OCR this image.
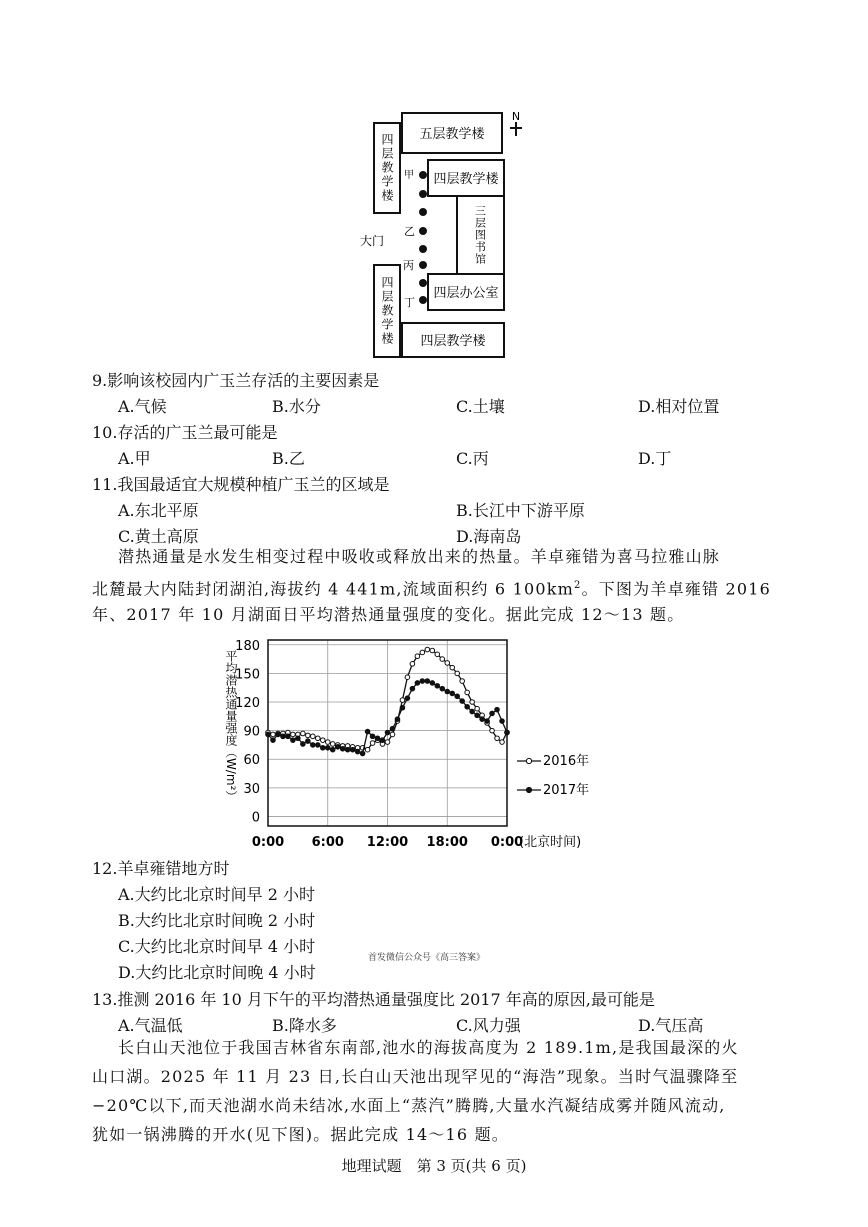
五层教学楼
N
四层教学楼	四层教学楼
三层图书馆
四层办公室
四层教学楼 四层教学楼
大门
甲
乙
丙
丁
9.影响该校园内广玉兰存活的主要因素是
A.气候	B.水分	C.土壤	D.相对位置
10.存活的广玉兰最可能是
A.甲	B.乙	C.丙	D.丁
11.我国最适宜大规模种植广玉兰的区域是
A.东北平原	B.长江中下游平原
C.黄土高原	D.海南岛
潜热通量是水发生相变过程中吸收或释放出来的热量。羊卓雍错为喜马拉雅山脉
北麓最大内陆封闭湖泊,海拔约 4 441m,流域面积约 6 $100km^2$。下图为羊卓雍错 2016
年、2017 年 10 月湖面日平均潜热通量强度的变化。据此完成 12～13 题。
0
30
60
90
120
150
180
0:00 6:00 12:00 18:00 0:00
(北京时间)
平均潜热通量强度（W/m²）	2016年
2017年
12.羊卓雍错地方时
A.大约比北京时间早 2 小时
B.大约比北京时间晚 2 小时
C.大约比北京时间早 4 小时
首发微信公众号《高三答案》
D.大约比北京时间晚 4 小时
13.推测 2016 年 10 月下午的平均潜热通量强度比 2017 年高的原因,最可能是
A.气温低	B.降水多	C.风力强	D.气压高
长白山天池位于我国吉林省东南部,池水的海拔高度为 2 189.1m,是我国最深的火
山口湖。2025 年 11 月 23 日,长白山天池出现罕见的“海浩”现象。当时气温骤降至
−20℃以下,而天池湖水尚未结冰,水面上“蒸汽”腾腾,大量水汽凝结成雾并随风流动,
犹如一锅沸腾的开水(见下图)。据此完成 14～16 题。
地理试题　第 3 页(共 6 页)
